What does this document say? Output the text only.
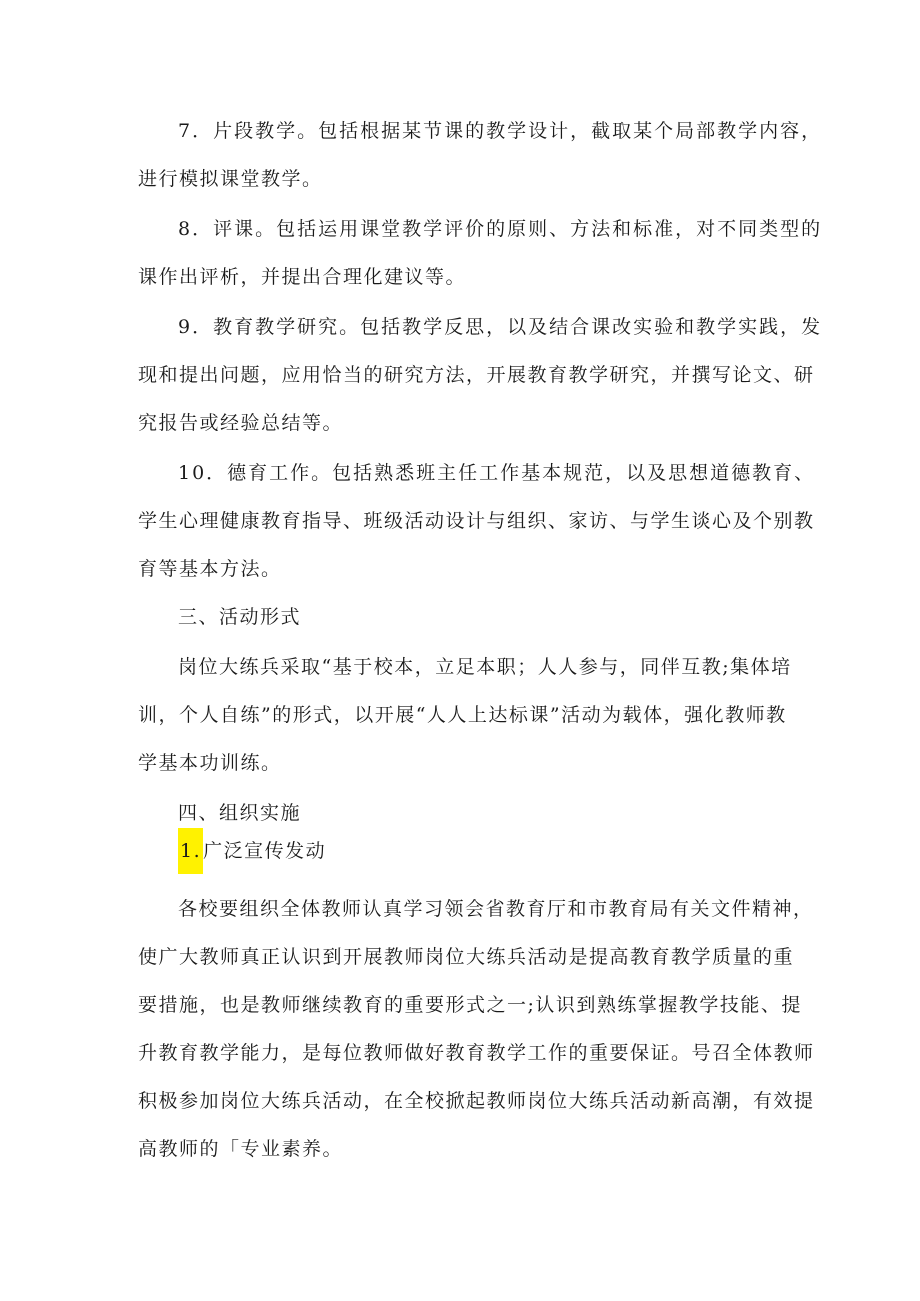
7．片段教学。包括根据某节课的教学设计，截取某个局部教学内容，
进行模拟课堂教学。
8．评课。包括运用课堂教学评价的原则、方法和标准，对不同类型的
课作出评析，并提出合理化建议等。
9．教育教学研究。包括教学反思，以及结合课改实验和教学实践，发
现和提出问题，应用恰当的研究方法，开展教育教学研究，并撰写论文、研
究报告或经验总结等。
10．德育工作。包括熟悉班主任工作基本规范，以及思想道德教育、
学生心理健康教育指导、班级活动设计与组织、家访、与学生谈心及个别教
育等基本方法。
三、活动形式
岗位大练兵采取“基于校本，立足本职；人人参与，同伴互教;集体培
训，个人自练”的形式，以开展“人人上达标课”活动为载体，强化教师教
学基本功训练。
四、组织实施
1. 广泛宣传发动
各校要组织全体教师认真学习领会省教育厅和市教育局有关文件精神，
使广大教师真正认识到开展教师岗位大练兵活动是提高教育教学质量的重
要措施，也是教师继续教育的重要形式之一;认识到熟练掌握教学技能、提
升教育教学能力，是每位教师做好教育教学工作的重要保证。号召全体教师
积极参加岗位大练兵活动，在全校掀起教师岗位大练兵活动新高潮，有效提
高教师的「专业素养。
